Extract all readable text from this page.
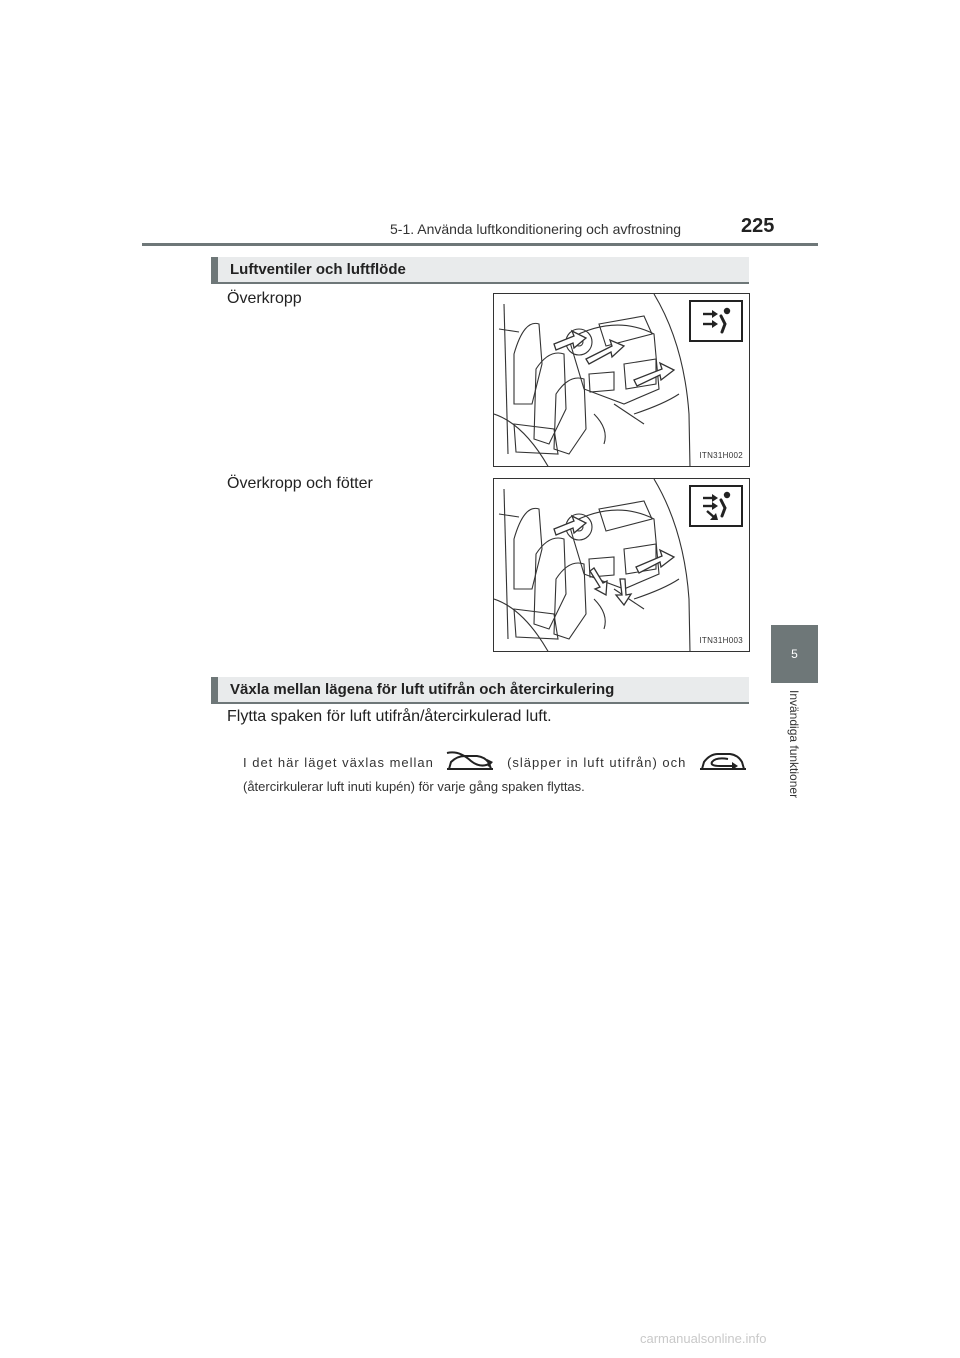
5-1. Använda luftkonditionering och avfrostning	225
5
Invändiga funktioner
Luftventiler och luftflöde
Överkropp
ITN31H002
Överkropp och fötter
ITN31H003
Växla mellan lägena för luft utifrån och återcirkulering
Flytta spaken för luft utifrån/återcirkulerad luft.
I det här läget växlas mellan	(släpper in luft utifrån) och
(återcirkulerar luft inuti kupén) för varje gång spaken flyttas.
carmanualsonline.info
